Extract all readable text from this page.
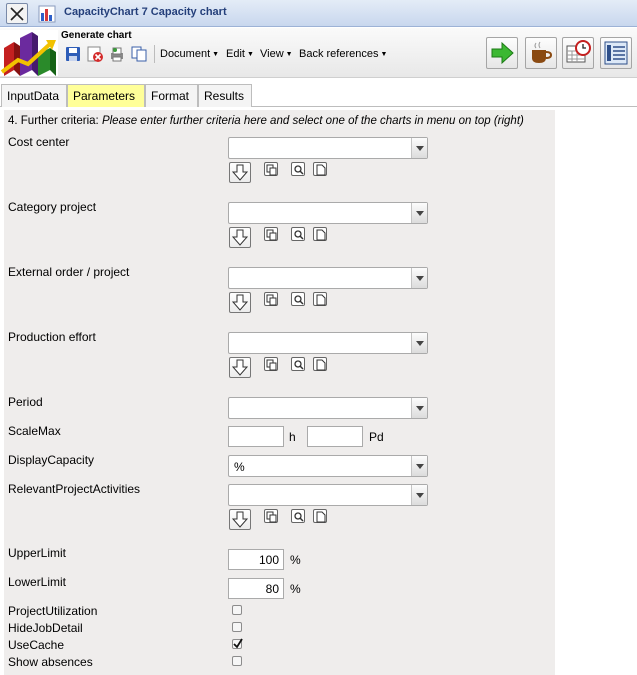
CapacityChart 7 Capacity chart
Generate chart
Document ▼ Edit ▼ View ▼ Back references ▼
InputData	Parameters	Format	Results
4. Further criteria: Please enter further criteria here and select one of the charts in menu on top (right)
Cost center
Category project
External order / project
Production effort
Period
ScaleMax	h	Pd
DisplayCapacity	%
RelevantProjectActivities
UpperLimit	100 %
LowerLimit	80 %
ProjectUtilization
HideJobDetail
UseCache
Show absences
